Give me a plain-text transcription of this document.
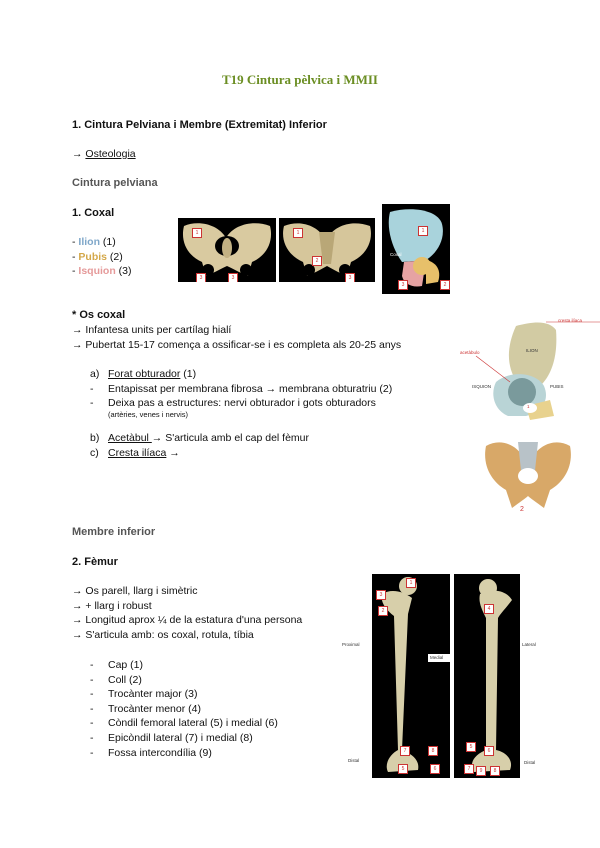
T19 Cintura pèlvica i MMII
1. Cintura Pelviana i Membre (Extremitat) Inferior
→ Osteologia
Cintura pelviana
1. Coxal
- Ilion (1)
- Pubis (2)
- Isquion (3)
1
3	3
1
2
3
1
Coxal
3	2
* Os coxal
→ Infantesa units per cartílag hialí
→ Pubertat 15-17 comença a ossificar-se i es completa als 20-25 anys
a) Forat obturador (1)
- Entapissat per membrana fibrosa → membrana obturatriu (2)
- Deixa pas a estructures: nervi obturador i gots obturadors
(artèries, venes i nervis)
b) Acetàbul → S'articula amb el cap del fèmur
c) Cresta ilíaca →
cresta ilíaca
acetàbulo	ILION
ISQUION	PUBIS
1
2
Membre inferior
2. Fèmur
→ Os parell, llarg i simètric
→ + llarg i robust
→ Longitud aprox ¼ de la estatura d'una persona
→ S'articula amb: os coxal, rotula, tíbia
- Cap (1)
- Coll (2)
- Trocànter major (3)
- Trocànter menor (4)
- Còndil femoral lateral (5) i medial (6)
- Epicòndil lateral (7) i medial (8)
- Fossa intercondília (9)
1
3
2
7	8
5	6
Proximal
Distal
Medial
4
5
6
7	9	8
Lateral
Distal
